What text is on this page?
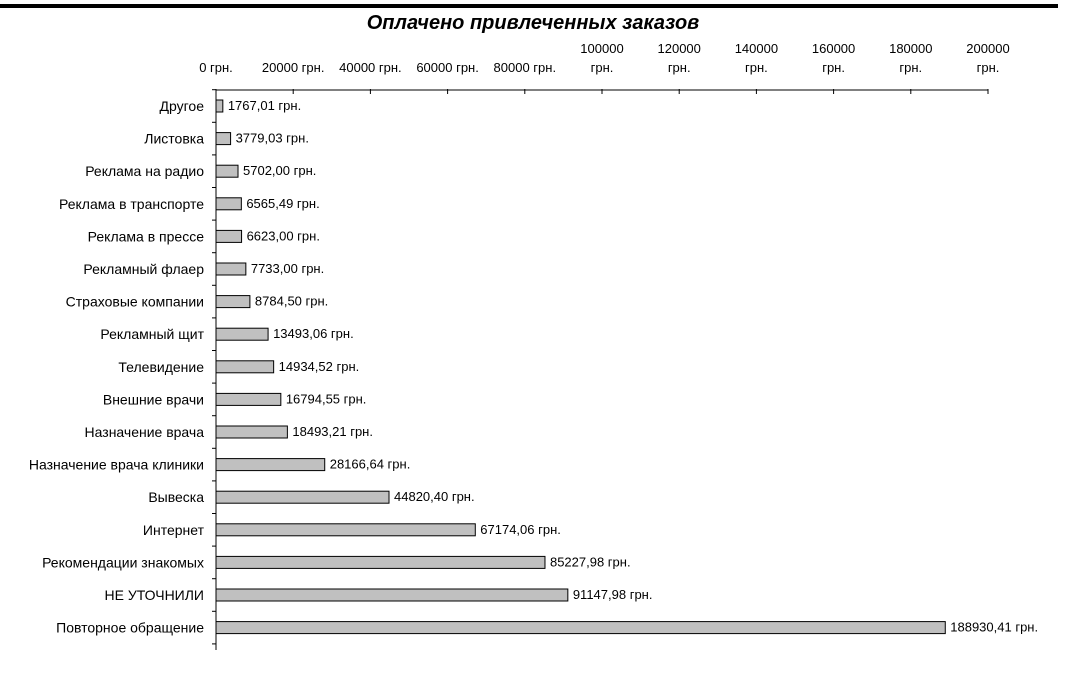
Оплачено привлеченных заказов
0 грн. 20000 грн. 40000 грн. 60000 грн. 80000 грн.
100000 грн.
120000 грн.
140000 грн.
160000 грн.
180000 грн.
200000 грн.
Другое 1767,01 грн.
Листовка 3779,03 грн.
Реклама на радио	5702,00 грн.
Реклама в транспорте	6565,49 грн.
Реклама в прессе	6623,00 грн.
Рекламный флаер	7733,00 грн.
Страховые компании	8784,50 грн.
Рекламный щит	13493,06 грн.
Телевидение	14934,52 грн.
Внешние врачи	16794,55 грн.
Назначение врача	18493,21 грн.
Назначение врача клиники	28166,64 грн.
Вывеска	44820,40 грн.
Интернет	67174,06 грн.
Рекомендации знакомых	85227,98 грн.
НЕ УТОЧНИЛИ	91147,98 грн.
Повторное обращение	188930,41 грн.
